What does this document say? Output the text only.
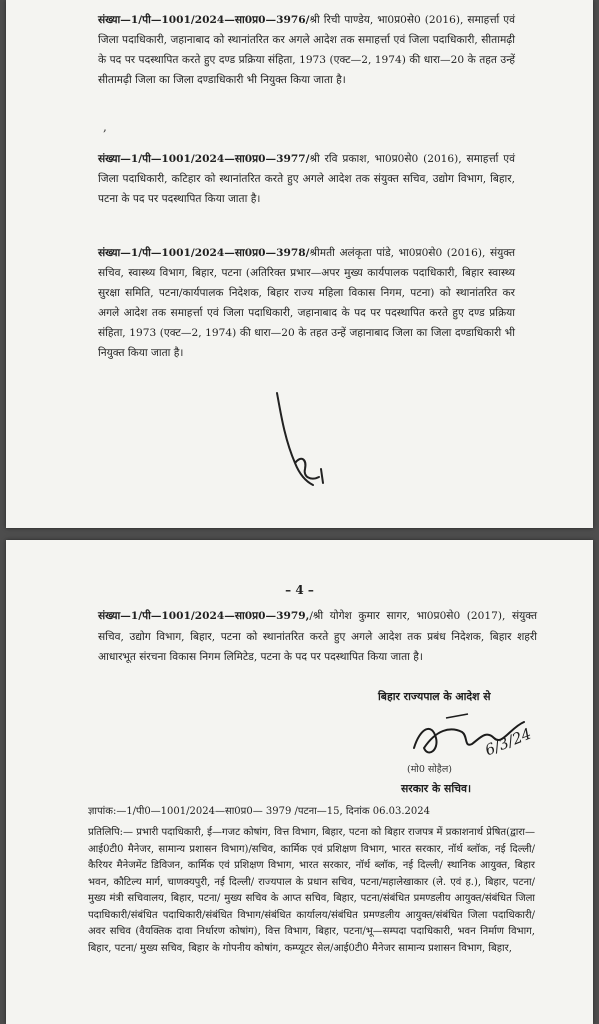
संख्या—1/पी—1001/2024—सा0प्र0—3976/श्री रिची पाण्डेय, भा0प्र0से0 (2016), समाहर्त्ता एवं जिला पदाधिकारी, जहानाबाद को स्थानांतरित कर अगले आदेश तक समाहर्त्ता एवं जिला पदाधिकारी, सीतामढ़ी के पद पर पदस्थापित करते हुए दण्ड प्रक्रिया संहिता, 1973 (एक्ट—2, 1974) की धारा—20 के तहत उन्हें सीतामढ़ी जिला का जिला दण्डाधिकारी भी नियुक्त किया जाता है।
,
संख्या—1/पी—1001/2024—सा0प्र0—3977/श्री रवि प्रकाश, भा0प्र0से0 (2016), समाहर्त्ता एवं जिला पदाधिकारी, कटिहार को स्थानांतरित करते हुए अगले आदेश तक संयुक्त सचिव, उद्योग विभाग, बिहार, पटना के पद पर पदस्थापित किया जाता है।
संख्या—1/पी—1001/2024—सा0प्र0—3978/श्रीमती अलंकृता पांडे, भा0प्र0से0 (2016), संयुक्त सचिव, स्वास्थ्य विभाग, बिहार, पटना (अतिरिक्त प्रभार—अपर मुख्य कार्यपालक पदाधिकारी, बिहार स्वास्थ्य सुरक्षा समिति, पटना/कार्यपालक निदेशक, बिहार राज्य महिला विकास निगम, पटना) को स्थानांतरित कर अगले आदेश तक समाहर्त्ता एवं जिला पदाधिकारी, जहानाबाद के पद पर पदस्थापित करते हुए दण्ड प्रक्रिया संहिता, 1973 (एक्ट—2, 1974) की धारा—20 के तहत उन्हें जहानाबाद जिला का जिला दण्डाधिकारी भी नियुक्त किया जाता है।
– 4 –
संख्या—1/पी—1001/2024—सा0प्र0—3979,/श्री योगेश कुमार सागर, भा0प्र0से0 (2017), संयुक्त सचिव, उद्योग विभाग, बिहार, पटना को स्थानांतरित करते हुए अगले आदेश तक प्रबंध निदेशक, बिहार शहरी आधारभूत संरचना विकास निगम लिमिटेड, पटना के पद पर पदस्थापित किया जाता है।
बिहार राज्यपाल के आदेश से
6/3/24
(मो0 सोहैल)
सरकार के सचिव।
ज्ञापांक:—1/पी0—1001/2024—सा0प्र0— 3979 /पटना—15, दिनांक 06.03.2024
प्रतिलिपि:— प्रभारी पदाधिकारी, ई—गजट कोषांग, वित्त विभाग, बिहार, पटना को बिहार राजपत्र में प्रकाशनार्थ प्रेषित(द्वारा—आई0टी0 मैनेजर, सामान्य प्रशासन विभाग)/सचिव, कार्मिक एवं प्रशिक्षण विभाग, भारत सरकार, नॉर्थ ब्लॉक, नई दिल्ली/कैरियर मैनेजमेंट डिविजन, कार्मिक एवं प्रशिक्षण विभाग, भारत सरकार, नॉर्थ ब्लॉक, नई दिल्ली/ स्थानिक आयुक्त, बिहार भवन, कौटिल्य मार्ग, चाणक्यपुरी, नई दिल्ली/ राज्यपाल के प्रधान सचिव, पटना/महालेखाकार (ले. एवं ह.), बिहार, पटना/मुख्य मंत्री सचिवालय, बिहार, पटना/ मुख्य सचिव के आप्त सचिव, बिहार, पटना/संबंधित प्रमण्डलीय आयुक्त/संबंधित जिला पदाधिकारी/संबंधित पदाधिकारी/संबंधित विभाग/संबंधित कार्यालय/संबंधित प्रमण्डलीय आयुक्त/संबंधित जिला पदाधिकारी/अवर सचिव (वैयक्तिक दावा निर्धारण कोषांग), वित्त विभाग, बिहार, पटना/भू—सम्पदा पदाधिकारी, भवन निर्माण विभाग, बिहार, पटना/ मुख्य सचिव, बिहार के गोपनीय कोषांग, कम्प्यूटर सेल/आई0टी0 मैनेजर सामान्य प्रशासन विभाग, बिहार,
